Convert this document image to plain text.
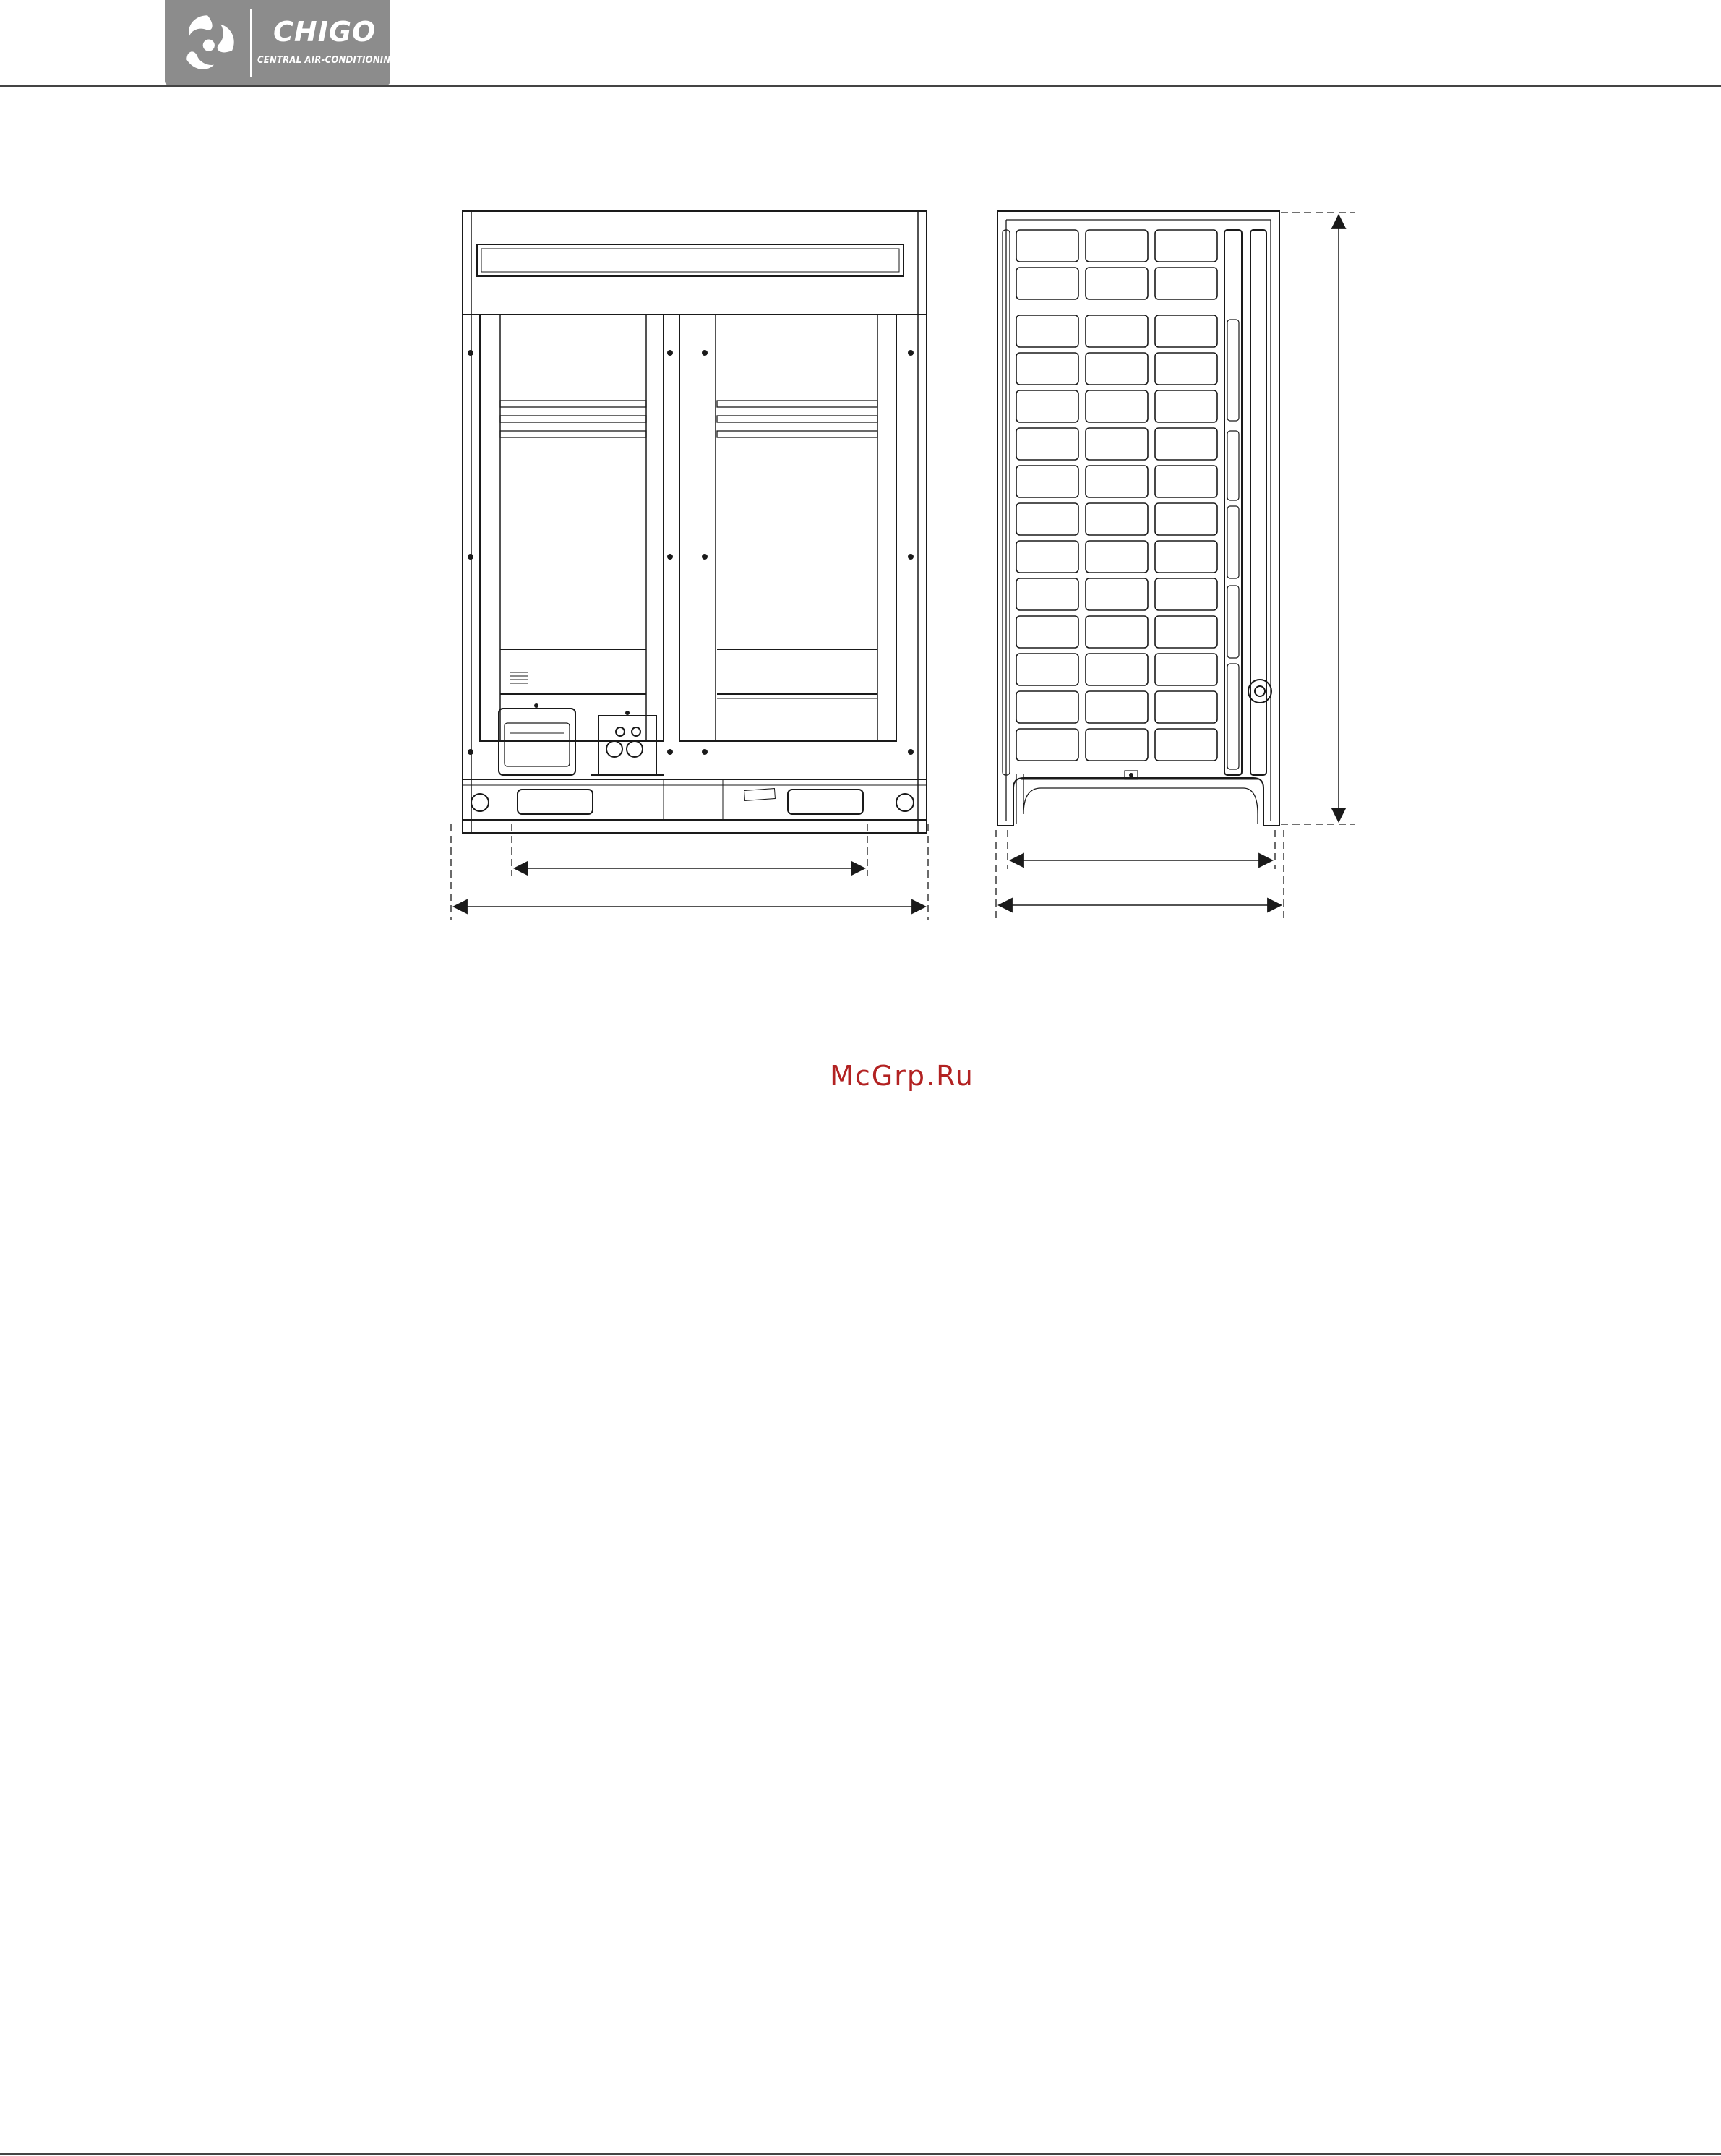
CHIGO
CENTRAL AIR-CONDITIONING
McGrp.Ru
